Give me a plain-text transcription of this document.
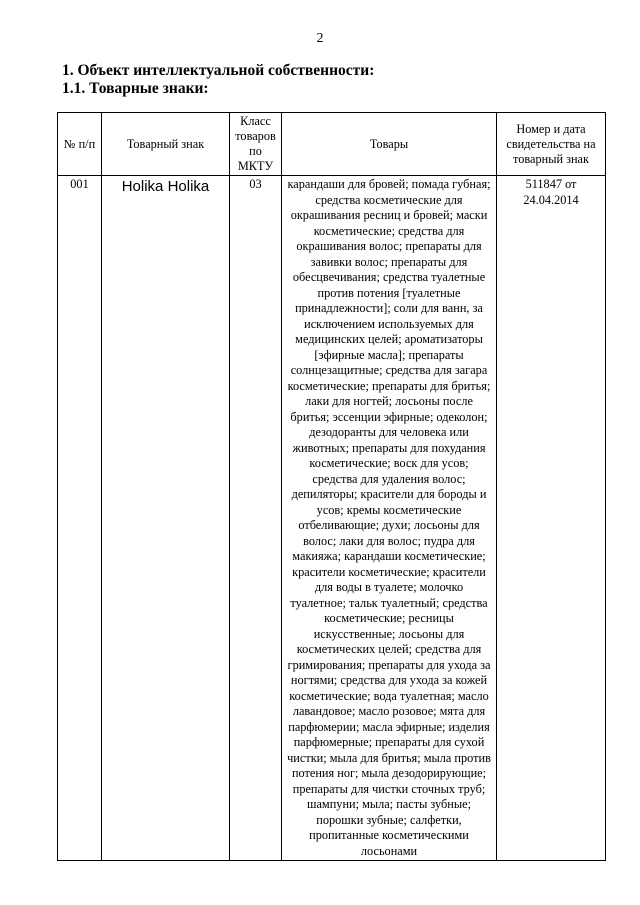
2
1. Объект интеллектуальной собственности:
1.1. Товарные знаки:
№ п/п	Товарный знак	Класс товаров по МКТУ	Товары	Номер и дата свидетельства на товарный знак
001	Holika Holika	03	карандаши для бровей; помада губная; средства косметические для окрашивания ресниц и бровей; маски косметические; средства для окрашивания волос; препараты для завивки волос; препараты для обесцвечивания; средства туалетные против потения [туалетные принадлежности]; соли для ванн, за исключением используемых для медицинских целей; ароматизаторы [эфирные масла]; препараты солнцезащитные; средства для загара косметические; препараты для бритья; лаки для ногтей; лосьоны после бритья; эссенции эфирные; одеколон; дезодоранты для человека или животных; препараты для похудания косметические; воск для усов; средства для удаления волос; депиляторы; красители для бороды и усов; кремы косметические отбеливающие; духи; лосьоны для волос; лаки для волос; пудра для макияжа; карандаши косметические; красители косметические; красители для воды в туалете; молочко туалетное; тальк туалетный; средства косметические; ресницы искусственные; лосьоны для косметических целей; средства для гримирования; препараты для ухода за ногтями; средства для ухода за кожей косметические; вода туалетная; масло лавандовое; масло розовое; мята для парфюмерии; масла эфирные; изделия парфюмерные; препараты для сухой чистки; мыла для бритья; мыла против потения ног; мыла дезодорирующие; препараты для чистки сточных труб; шампуни; мыла; пасты зубные; порошки зубные; салфетки, пропитанные косметическими лосьонами	511847 от 24.04.2014
